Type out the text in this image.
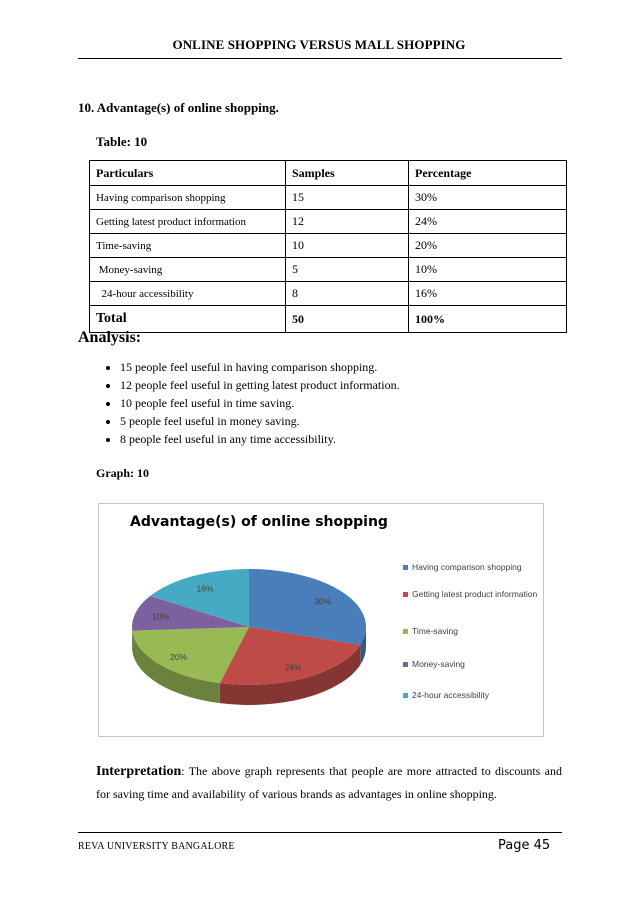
ONLINE SHOPPING VERSUS MALL SHOPPING
10. Advantage(s) of online shopping.
Table: 10
Particulars	Samples	Percentage
Having comparison shopping	15	30%
Getting latest product information	12	24%
Time-saving	10	20%
Money-saving	5	10%
24-hour accessibility	8	16%
Total	50	100%
Analysis:
• 15 people feel useful in having comparison shopping.
• 12 people feel useful in getting latest product information.
• 10 people feel useful in time saving.
• 5 people feel useful in money saving.
• 8 people feel useful in any time accessibility.
Graph: 10
Advantage(s) of online shopping
30%
24%
20%
10%
16%
Having comparison shopping
Getting latest product information
Time-saving
Money-saving
24-hour accessibility
Interpretation: The above graph represents that people are more attracted to discounts and for saving time and availability of various brands as advantages in online shopping.
REVA UNIVERSITY BANGALORE	Page 45
